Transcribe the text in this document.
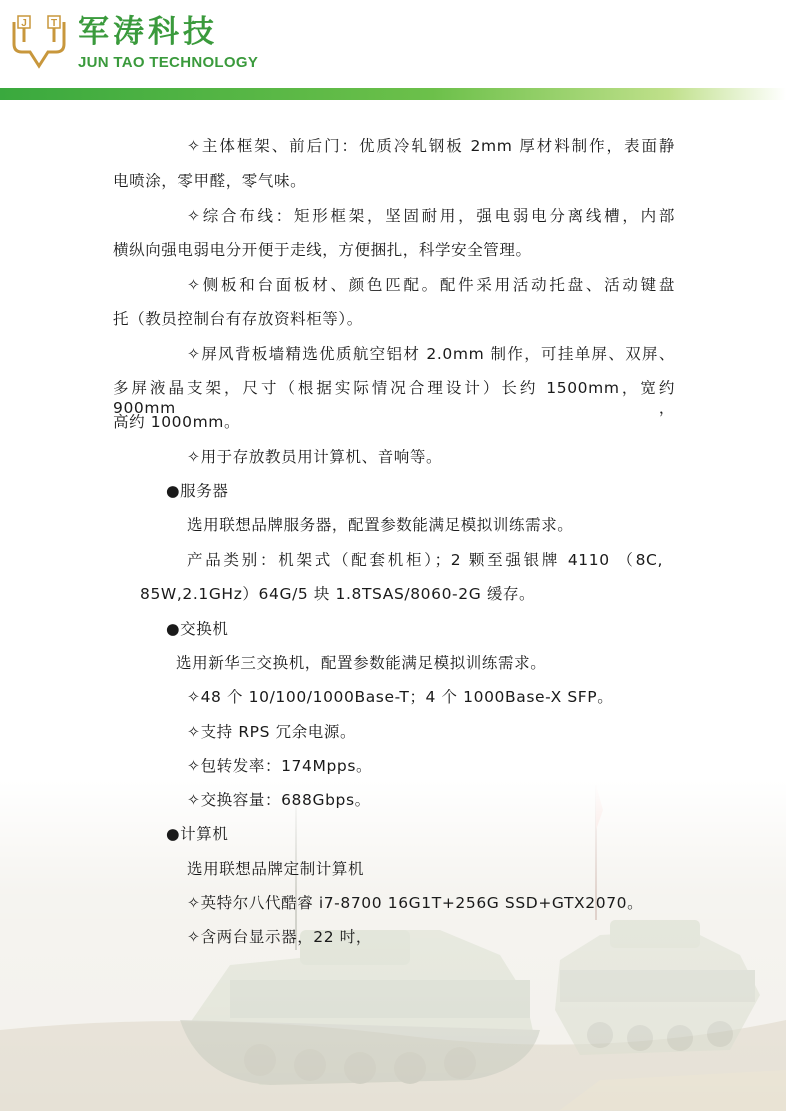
J T 军涛科技
JUN TAO TECHNOLOGY
✧主体框架、前后门：优质冷轧钢板 2mm 厚材料制作，表面静
电喷涂，零甲醛，零气味。
✧综合布线：矩形框架，坚固耐用，强电弱电分离线槽，内部
横纵向强电弱电分开便于走线，方便捆扎，科学安全管理。
✧侧板和台面板材、颜色匹配。配件采用活动托盘、活动键盘
托（教员控制台有存放资料柜等）。
✧屏风背板墙精选优质航空铝材 2.0mm 制作，可挂单屏、双屏、
多屏液晶支架，尺寸（根据实际情况合理设计）长约 1500mm，宽约 900mm，
高约 1000mm。
✧用于存放教员用计算机、音响等。
●服务器
选用联想品牌服务器，配置参数能满足模拟训练需求。
产品类别：机架式（配套机柜）；2 颗至强银牌 4110 （8C,
85W,2.1GHz）64G/5 块 1.8TSAS/8060-2G 缓存。
●交换机
选用新华三交换机，配置参数能满足模拟训练需求。
✧48 个 10/100/1000Base-T；4 个 1000Base-X SFP。
✧支持 RPS 冗余电源。
✧包转发率：174Mpps。
✧交换容量：688Gbps。
●计算机
选用联想品牌定制计算机
✧英特尔八代酷睿 i7-8700 16G1T+256G SSD+GTX2070。
✧含两台显示器，22 吋，
